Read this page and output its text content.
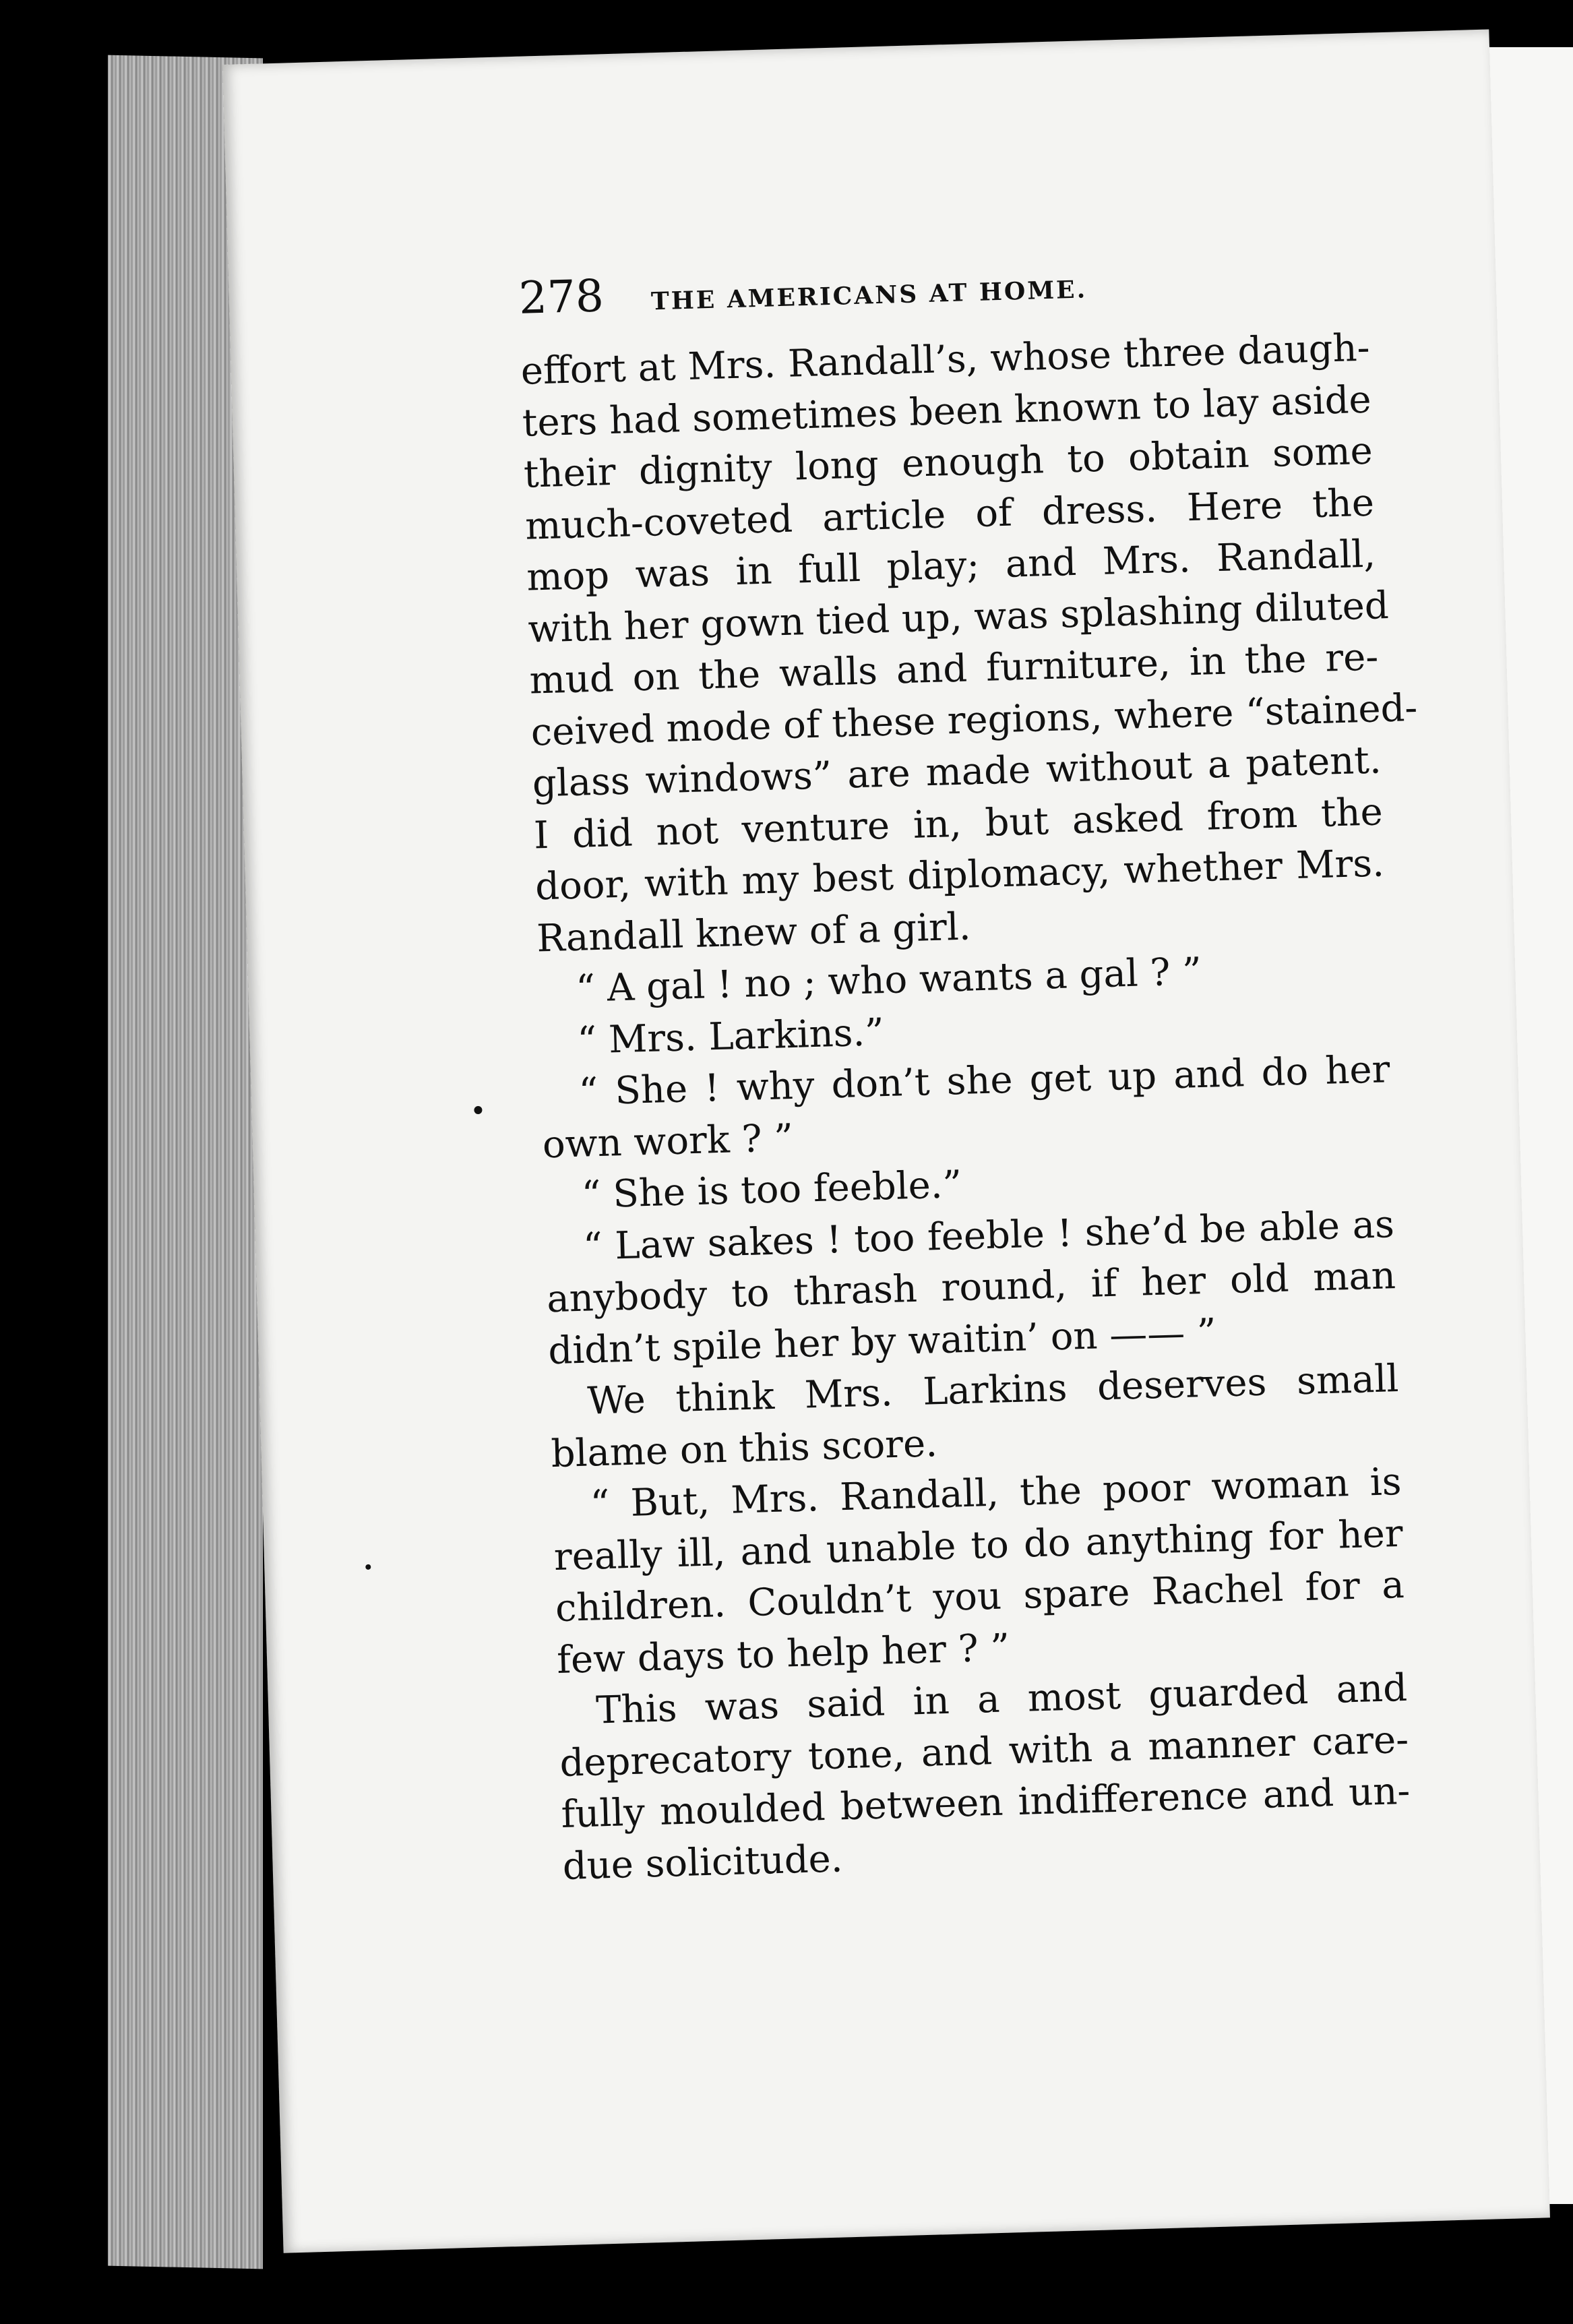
278 THE AMERICANS AT HOME.
effort at Mrs. Randall’s, whose three daugh-
ters had sometimes been known to lay aside
their dignity long enough to obtain some
much-coveted article of dress. Here the
mop was in full play; and Mrs. Randall,
with her gown tied up, was splashing diluted
mud on the walls and furniture, in the re-
ceived mode of these regions, where “stained-
glass windows” are made without a patent.
I did not venture in, but asked from the
door, with my best diplomacy, whether Mrs.
Randall knew of a girl.
“ A gal ! no ; who wants a gal ? ”
“ Mrs. Larkins.”
“ She ! why don’t she get up and do her
own work ? ”
“ She is too feeble.”
“ Law sakes ! too feeble ! she’d be able as
anybody to thrash round, if her old man
didn’t spile her by waitin’ on —— ”
We think Mrs. Larkins deserves small
blame on this score.
“ But, Mrs. Randall, the poor woman is
really ill, and unable to do anything for her
children. Couldn’t you spare Rachel for a
few days to help her ? ”
This was said in a most guarded and
deprecatory tone, and with a manner care-
fully moulded between indifference and un-
due solicitude.
